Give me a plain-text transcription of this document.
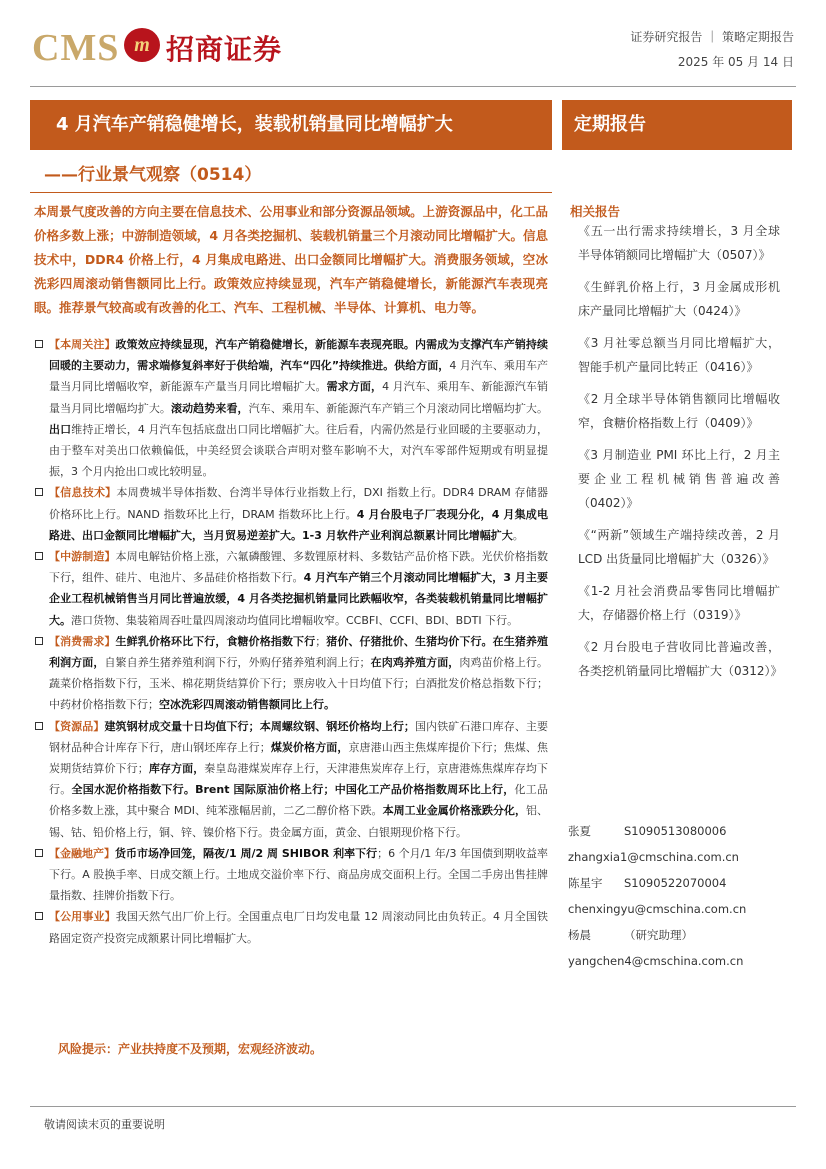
CMS m 招商证券	证券研究报告 ｜ 策略定期报告
2025 年 05 月 14 日
4 月汽车产销稳健增长，装载机销量同比增幅扩大	定期报告
——行业景气观察（0514）
本周景气度改善的方向主要在信息技术、公用事业和部分资源品领域。上游资源品中，化工品价格多数上涨；中游制造领域，4 月各类挖掘机、装载机销量三个月滚动同比增幅扩大。信息技术中，DDR4 价格上行，4 月集成电路进、出口金额同比增幅扩大。消费服务领域，空冰洗彩四周滚动销售额同比上行。政策效应持续显现，汽车产销稳健增长，新能源汽车表现亮眼。推荐景气较高或有改善的化工、汽车、工程机械、半导体、计算机、电力等。
【本周关注】政策效应持续显现，汽车产销稳健增长，新能源车表现亮眼。内需成为支撑汽车产销持续回暖的主要动力，需求端修复斜率好于供给端，汽车“四化”持续推进。供给方面，4 月汽车、乘用车产量当月同比增幅收窄，新能源车产量当月同比增幅扩大。需求方面，4 月汽车、乘用车、新能源汽车销量当月同比增幅均扩大。滚动趋势来看，汽车、乘用车、新能源汽车产销三个月滚动同比增幅均扩大。出口维持正增长，4 月汽车包括底盘出口同比增幅扩大。往后看，内需仍然是行业回暖的主要驱动力，由于整车对美出口依赖偏低，中美经贸会谈联合声明对整车影响不大，对汽车零部件短期或有明显提振，3 个月内抢出口或比较明显。
【信息技术】本周费城半导体指数、台湾半导体行业指数上行，DXI 指数上行。DDR4 DRAM 存储器价格环比上行。NAND 指数环比上行，DRAM 指数环比上行。4 月台股电子厂表现分化，4 月集成电路进、出口金额同比增幅扩大，当月贸易逆差扩大。1-3 月软件产业利润总额累计同比增幅扩大。
【中游制造】本周电解钴价格上涨，六氟磷酸锂、多数锂原材料、多数钴产品价格下跌。光伏价格指数下行，组件、硅片、电池片、多晶硅价格指数下行。4 月汽车产销三个月滚动同比增幅扩大，3 月主要企业工程机械销售当月同比普遍放缓，4 月各类挖掘机销量同比跌幅收窄，各类装载机销量同比增幅扩大。港口货物、集装箱周吞吐量四周滚动均值同比增幅收窄。CCBFI、CCFI、BDI、BDTI 下行。
【消费需求】生鲜乳价格环比下行，食糖价格指数下行；猪价、仔猪批价、生猪均价下行。在生猪养殖利润方面，自繁自养生猪养殖利润下行，外购仔猪养殖利润上行；在肉鸡养殖方面，肉鸡苗价格上行。蔬菜价格指数下行，玉米、棉花期货结算价下行；票房收入十日均值下行；白酒批发价格总指数下行；中药材价格指数下行；空冰洗彩四周滚动销售额同比上行。
【资源品】建筑钢材成交量十日均值下行；本周螺纹钢、钢坯价格均上行；国内铁矿石港口库存、主要钢材品种合计库存下行，唐山钢坯库存上行；煤炭价格方面，京唐港山西主焦煤库提价下行；焦煤、焦炭期货结算价下行；库存方面，秦皇岛港煤炭库存上行，天津港焦炭库存上行，京唐港炼焦煤库存均下行。全国水泥价格指数下行。Brent 国际原油价格上行；中国化工产品价格指数周环比上行，化工品价格多数上涨，其中聚合 MDI、纯苯涨幅居前，二乙二醇价格下跌。本周工业金属价格涨跌分化，铝、锡、钴、铅价格上行，铜、锌、镍价格下行。贵金属方面，黄金、白银期现价格下行。
【金融地产】货币市场净回笼，隔夜/1 周/2 周 SHIBOR 利率下行；6 个月/1 年/3 年国债到期收益率下行。A 股换手率、日成交额上行。土地成交溢价率下行、商品房成交面积上行。全国二手房出售挂牌量指数、挂牌价指数下行。
【公用事业】我国天然气出厂价上行。全国重点电厂日均发电量 12 周滚动同比由负转正。4 月全国铁路固定资产投资完成额累计同比增幅扩大。
风险提示：产业扶持度不及预期，宏观经济波动。
相关报告
《五一出行需求持续增长，3 月全球半导体销额同比增幅扩大（0507）》
《生鲜乳价格上行，3 月金属成形机床产量同比增幅扩大（0424）》
《3 月社零总额当月同比增幅扩大，智能手机产量同比转正（0416）》
《2 月全球半导体销售额同比增幅收窄，食糖价格指数上行（0409）》
《3 月制造业 PMI 环比上行，2 月主要企业工程机械销售普遍改善（0402）》
《“两新”领域生产端持续改善，2 月 LCD 出货量同比增幅扩大（0326）》
《1-2 月社会消费品零售同比增幅扩大，存储器价格上行（0319）》
《2 月台股电子营收同比普遍改善，各类挖机销量同比增幅扩大（0312）》
张夏	S1090513080006
zhangxia1@cmschina.com.cn
陈星宇	S1090522070004
chenxingyu@cmschina.com.cn
杨晨	（研究助理）
yangchen4@cmschina.com.cn
敬请阅读末页的重要说明
